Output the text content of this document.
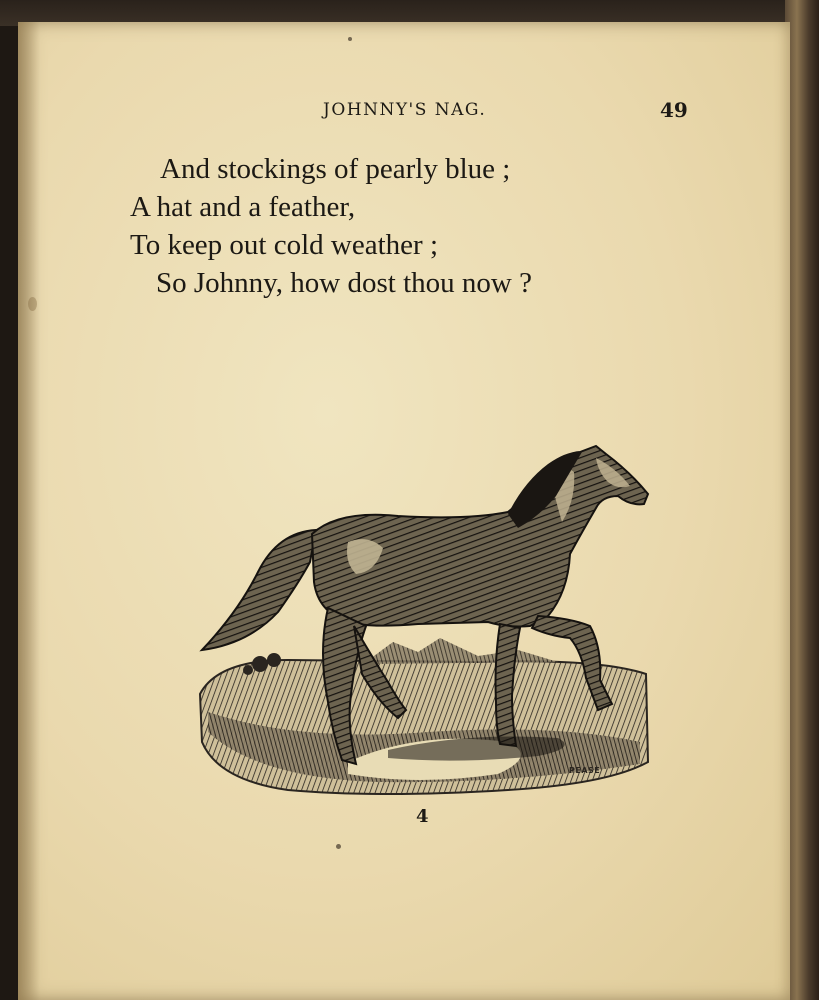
JOHNNY'S NAG.	49
And stockings of pearly blue ;
A hat and a feather,
To keep out cold weather ;
So Johnny, how dost thou now ?
PEASE
4
